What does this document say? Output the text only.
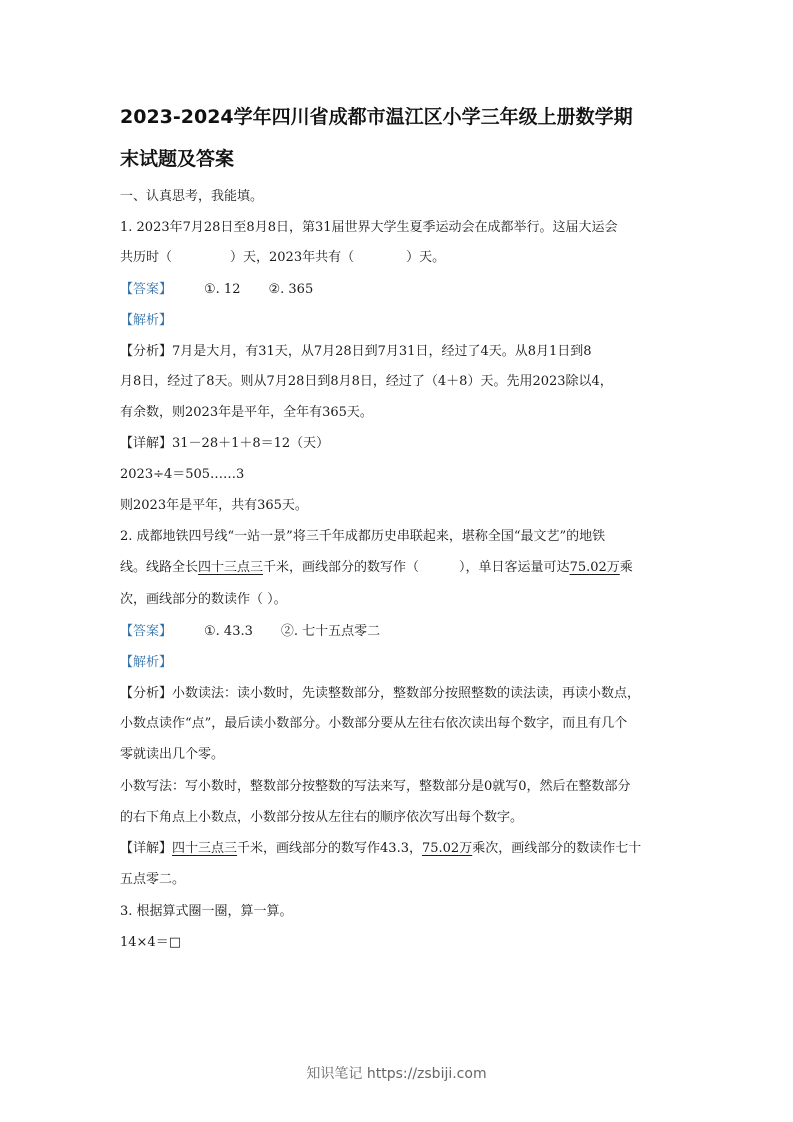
2023-2024学年四川省成都市温江区小学三年级上册数学期
末试题及答案
一、认真思考，我能填。
1. 2023年7月28日至8月8日，第31届世界大学生夏季运动会在成都举行。这届大运会
共历时（	）天，2023年共有（	）天。
【答案】 ①. 12 ②. 365
【解析】
【分析】7月是大月，有31天，从7月28日到7月31日，经过了4天。从8月1日到8
月8日，经过了8天。则从7月28日到8月8日，经过了（4＋8）天。先用2023除以4，
有余数，则2023年是平年，全年有365天。
【详解】31－28＋1＋8＝12（天）
2023÷4＝505……3
则2023年是平年，共有365天。
2. 成都地铁四号线“一站一景”将三千年成都历史串联起来，堪称全国“最文艺”的地铁
线。线路全长四十三点三千米，画线部分的数写作（	），单日客运量可达75.02万乘
次，画线部分的数读作（ ）。
【答案】 ①. 43.3 ②. 七十五点零二
【解析】
【分析】小数读法：读小数时，先读整数部分，整数部分按照整数的读法读，再读小数点，
小数点读作“点”，最后读小数部分。小数部分要从左往右依次读出每个数字，而且有几个
零就读出几个零。
小数写法：写小数时，整数部分按整数的写法来写，整数部分是0就写0，然后在整数部分
的右下角点上小数点，小数部分按从左往右的顺序依次写出每个数字。
【详解】四十三点三千米，画线部分的数写作43.3，75.02万乘次，画线部分的数读作七十
五点零二。
3. 根据算式圈一圈，算一算。
14×4＝□
知识笔记 https://zsbiji.com
